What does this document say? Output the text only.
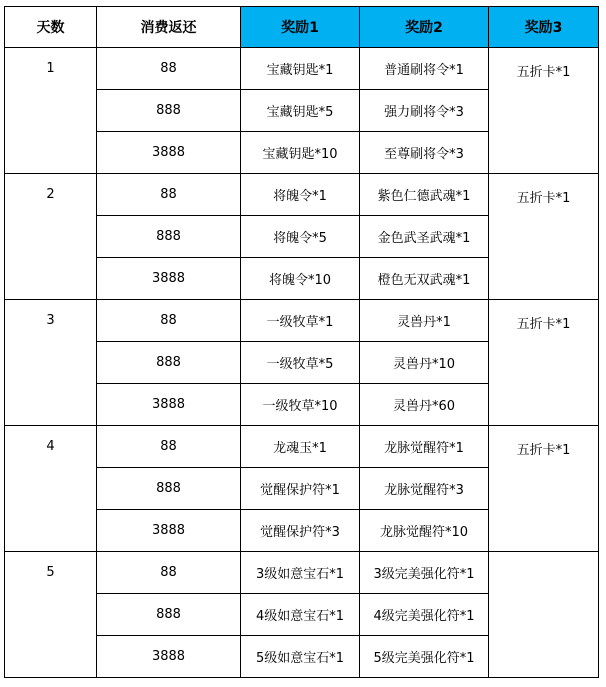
天数	消费返还	奖励1	奖励2	奖励3
1	88	宝藏钥匙*1	普通刷将令*1	五折卡*1
	888	宝藏钥匙*5	强力刷将令*3	
	3888	宝藏钥匙*10	至尊刷将令*3	
2	88	将魄令*1	紫色仁德武魂*1	五折卡*1
	888	将魄令*5	金色武圣武魂*1	
	3888	将魄令*10	橙色无双武魂*1	
3	88	一级牧草*1	灵兽丹*1	五折卡*1
	888	一级牧草*5	灵兽丹*10	
	3888	一级牧草*10	灵兽丹*60	
4	88	龙魂玉*1	龙脉觉醒符*1	五折卡*1
	888	觉醒保护符*1	龙脉觉醒符*3	
	3888	觉醒保护符*3	龙脉觉醒符*10	
5	88	3级如意宝石*1	3级完美强化符*1	
	888	4级如意宝石*1	4级完美强化符*1	
	3888	5级如意宝石*1	5级完美强化符*1	
